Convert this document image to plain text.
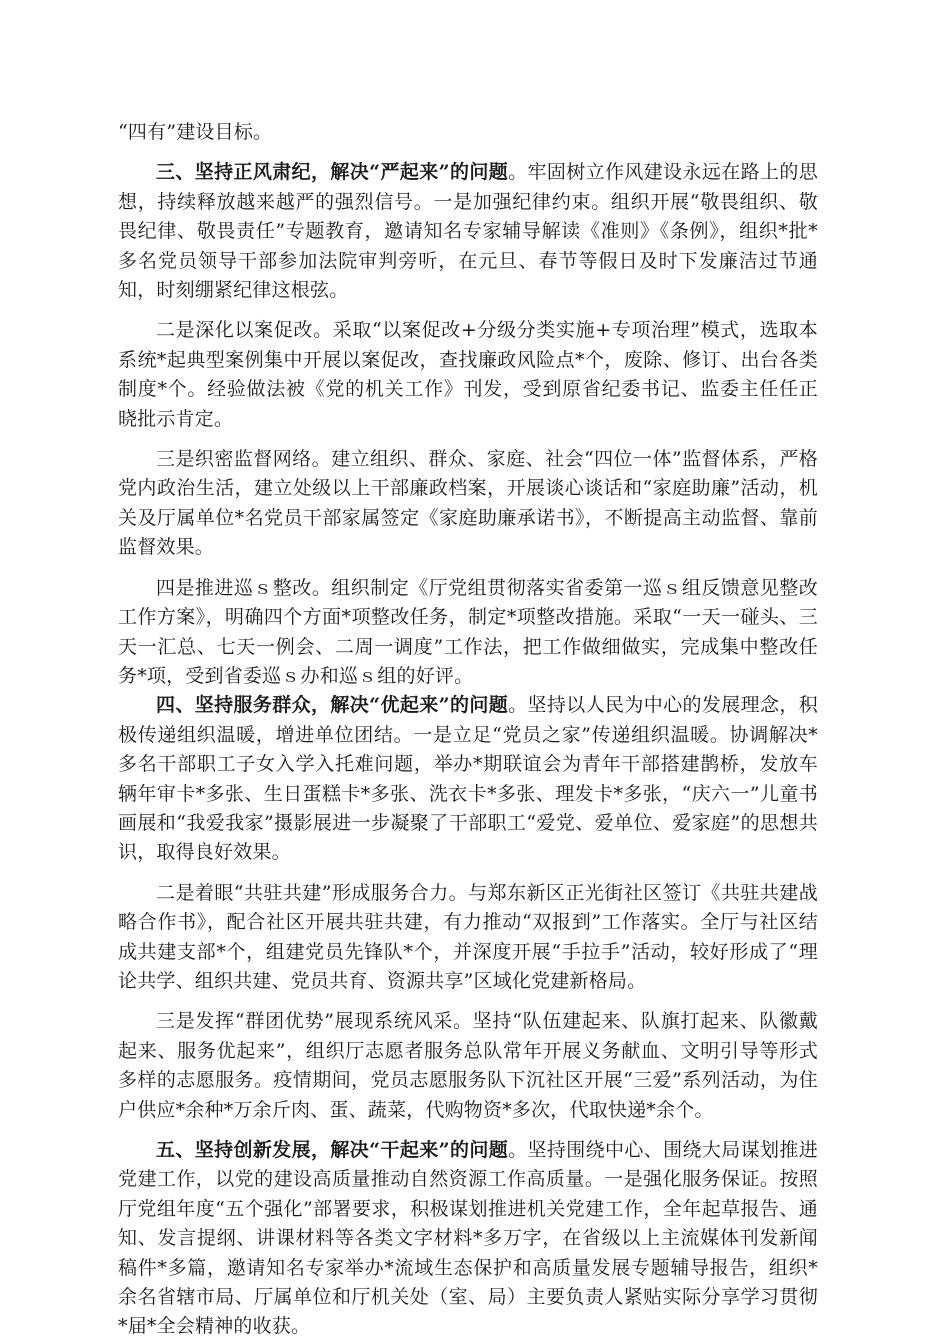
“四有”建设目标。

三、坚持正风肃纪，解决“严起来”的问题。牢固树立作风建设永远在路上的思想，持续释放越来越严的强烈信号。一是加强纪律约束。组织开展“敬畏组织、敬畏纪律、敬畏责任”专题教育，邀请知名专家辅导解读《准则》《条例》，组织*批*多名党员领导干部参加法院审判旁听，在元旦、春节等假日及时下发廉洁过节通知，时刻绷紧纪律这根弦。

二是深化以案促改。采取“以案促改+分级分类实施+专项治理”模式，选取本系统*起典型案例集中开展以案促改，查找廉政风险点*个，废除、修订、出台各类制度*个。经验做法被《党的机关工作》刊发，受到原省纪委书记、监委主任任正晓批示肯定。

三是织密监督网络。建立组织、群众、家庭、社会“四位一体”监督体系，严格党内政治生活，建立处级以上干部廉政档案，开展谈心谈话和“家庭助廉”活动，机关及厅属单位*名党员干部家属签定《家庭助廉承诺书》，不断提高主动监督、靠前监督效果。

四是推进巡ｓ整改。组织制定《厅党组贯彻落实省委第一巡ｓ组反馈意见整改工作方案》，明确四个方面*项整改任务，制定*项整改措施。采取“一天一碰头、三天一汇总、七天一例会、二周一调度”工作法，把工作做细做实，完成集中整改任务*项，受到省委巡ｓ办和巡ｓ组的好评。

四、坚持服务群众，解决“优起来”的问题。坚持以人民为中心的发展理念，积极传递组织温暖，增进单位团结。一是立足“党员之家”传递组织温暖。协调解决*多名干部职工子女入学入托难问题，举办*期联谊会为青年干部搭建鹊桥，发放车辆年审卡*多张、生日蛋糕卡*多张、洗衣卡*多张、理发卡*多张，“庆六一”儿童书画展和“我爱我家”摄影展进一步凝聚了干部职工“爱党、爱单位、爱家庭”的思想共识，取得良好效果。

二是着眼“共驻共建”形成服务合力。与郑东新区正光街社区签订《共驻共建战略合作书》，配合社区开展共驻共建，有力推动“双报到”工作落实。全厅与社区结成共建支部*个，组建党员先锋队*个，并深度开展“手拉手”活动，较好形成了“理论共学、组织共建、党员共育、资源共享”区域化党建新格局。

三是发挥“群团优势”展现系统风采。坚持“队伍建起来、队旗打起来、队徽戴起来、服务优起来”，组织厅志愿者服务总队常年开展义务献血、文明引导等形式多样的志愿服务。疫情期间，党员志愿服务队下沉社区开展“三爱”系列活动，为住户供应*余种*万余斤肉、蛋、蔬菜，代购物资*多次，代取快递*余个。

五、坚持创新发展，解决“干起来”的问题。坚持围绕中心、围绕大局谋划推进党建工作，以党的建设高质量推动自然资源工作高质量。一是强化服务保证。按照厅党组年度“五个强化”部署要求，积极谋划推进机关党建工作，全年起草报告、通知、发言提纲、讲课材料等各类文字材料*多万字，在省级以上主流媒体刊发新闻稿件*多篇，邀请知名专家举办*流域生态保护和高质量发展专题辅导报告，组织*余名省辖市局、厅属单位和厅机关处（室、局）主要负责人紧贴实际分享学习贯彻*届*全会精神的收获。
